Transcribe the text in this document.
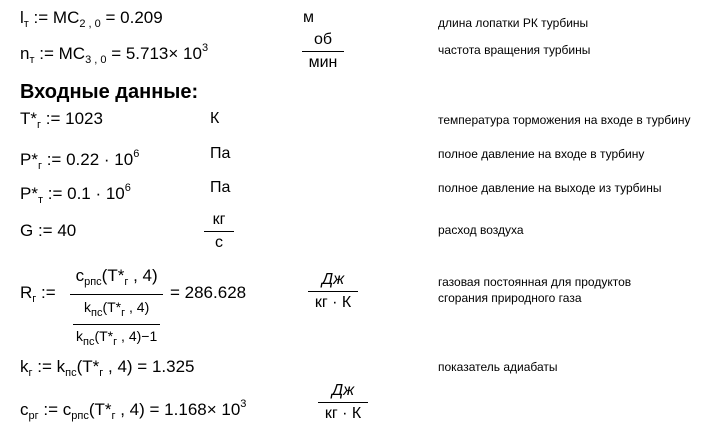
$l_т$ := $MC_{2 , 0} = 0.209$	м	длина лопатки РК турбины
$n_т$ := $MC_{3 , 0} = 5.713\times 10^3$	$\frac{об}{\text{мин}}$	частота вращения турбины
Входные данные:
$T*_г$ := 1023	К	температура торможения на входе в турбину
$P*_г$ := $0.22 \cdot 10^6$	Па	полное давление на входе в турбину
$P*_т$ := $0.1 \cdot 10^6$	Па	полное давление на выходе из турбины
G := 40	$\frac{кг}{с}$	расход воздуха
$R_г$ := $\frac{c_{рпс}(T*_г , 4)}{\frac{k_{пс}(T*_г , 4)}{k_{пс}(T*_г , 4)-1}} = 286.628$	$\frac{Дж}{кг \cdot К}$	газовая постоянная для продуктов
сгорания природного газа
$k_г$ := $k_{пс}(T*_г$ , 4) = 1.325	показатель адиабаты
$c_{рг}$ := $c_{рпс}(T*_г$ , $4) = 1.168\times 10^3$	$\frac{Дж}{кг \cdot К}$
